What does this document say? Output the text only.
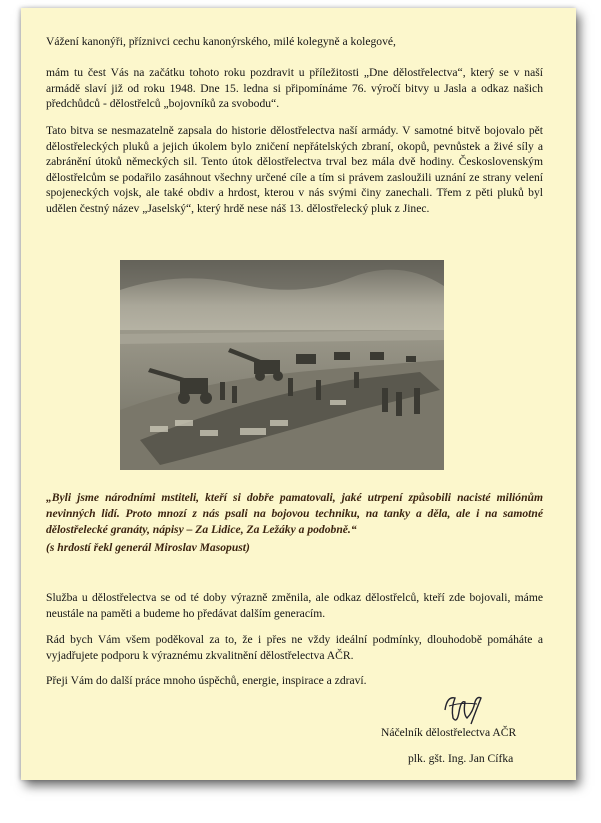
Vážení kanonýři, příznivci cechu kanonýrského, milé kolegyně a kolegové,

mám tu čest Vás na začátku tohoto roku pozdravit u příležitosti „Dne dělostřelectva“, který se v naší armádě slaví již od roku 1948. Dne 15. ledna si připomínáme 76. výročí bitvy u Jasla a odkaz našich předchůdců - dělostřelců „bojovníků za svobodu“.

Tato bitva se nesmazatelně zapsala do historie dělostřelectva naší armády. V samotné bitvě bojovalo pět dělostřeleckých pluků a jejich úkolem bylo zničení nepřátelských zbraní, okopů, pevnůstek a živé síly a zabránění útoků německých sil. Tento útok dělostřelectva trval bez mála dvě hodiny. Československým dělostřelcům se podařilo zasáhnout všechny určené cíle a tím si právem zasloužili uznání ze strany velení spojeneckých vojsk, ale také obdiv a hrdost, kterou v nás svými činy zanechali. Třem z pěti pluků byl udělen čestný název „Jaselský“, který hrdě nese náš 13. dělostřelecký pluk z Jinec.

„Byli jsme národními mstiteli, kteří si dobře pamatovali, jaké utrpení způsobili nacisté miliónům nevinných lidí. Proto mnozí z nás psali na bojovou techniku, na tanky a děla, ale i na samotné dělostřelecké granáty, nápisy – Za Lidice, Za Ležáky a podobně.“

(s hrdostí řekl generál Miroslav Masopust)

Služba u dělostřelectva se od té doby výrazně změnila, ale odkaz dělostřelců, kteří zde bojovali, máme neustále na paměti a budeme ho předávat dalším generacím.

Rád bych Vám všem poděkoval za to, že i přes ne vždy ideální podmínky, dlouhodobě pomáháte a vyjadřujete podporu k výraznému zkvalitnění dělostřelectva AČR.

Přeji Vám do další práce mnoho úspěchů, energie, inspirace a zdraví.

Náčelník dělostřelectva AČR
plk. gšt. Ing. Jan Cífka
